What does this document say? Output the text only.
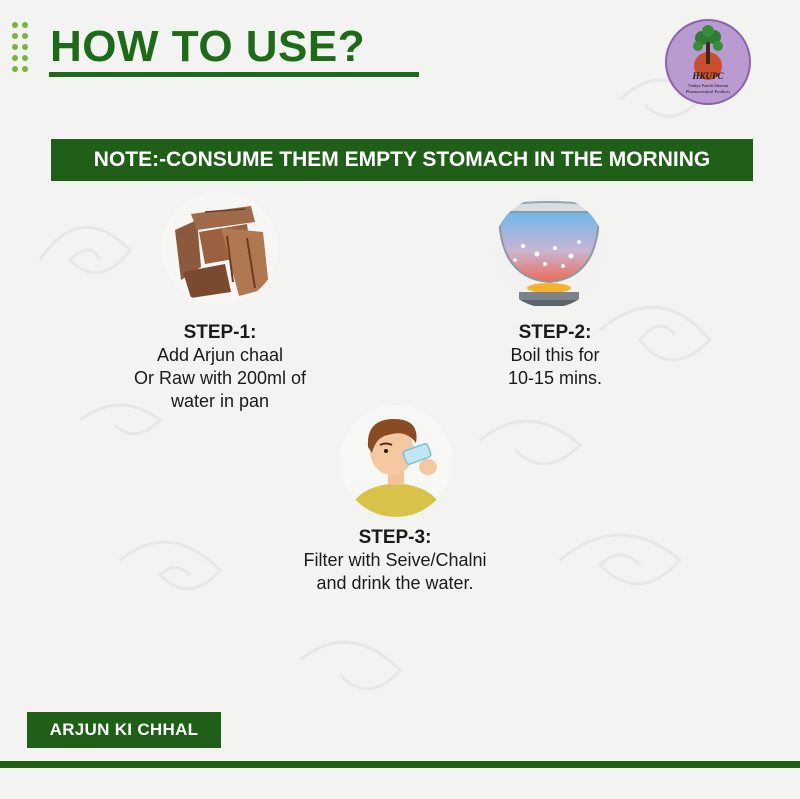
HOW TO USE?
HKUPC
Vaidya Pandit Sharma
Pharmaceutical Products
NOTE:-CONSUME THEM EMPTY STOMACH IN THE MORNING
STEP-1:
Add Arjun chaal
Or Raw with 200ml of
water in pan
STEP-2:
Boil this for
10-15 mins.
STEP-3:
Filter with Seive/Chalni
and drink the water.
ARJUN KI CHHAL
